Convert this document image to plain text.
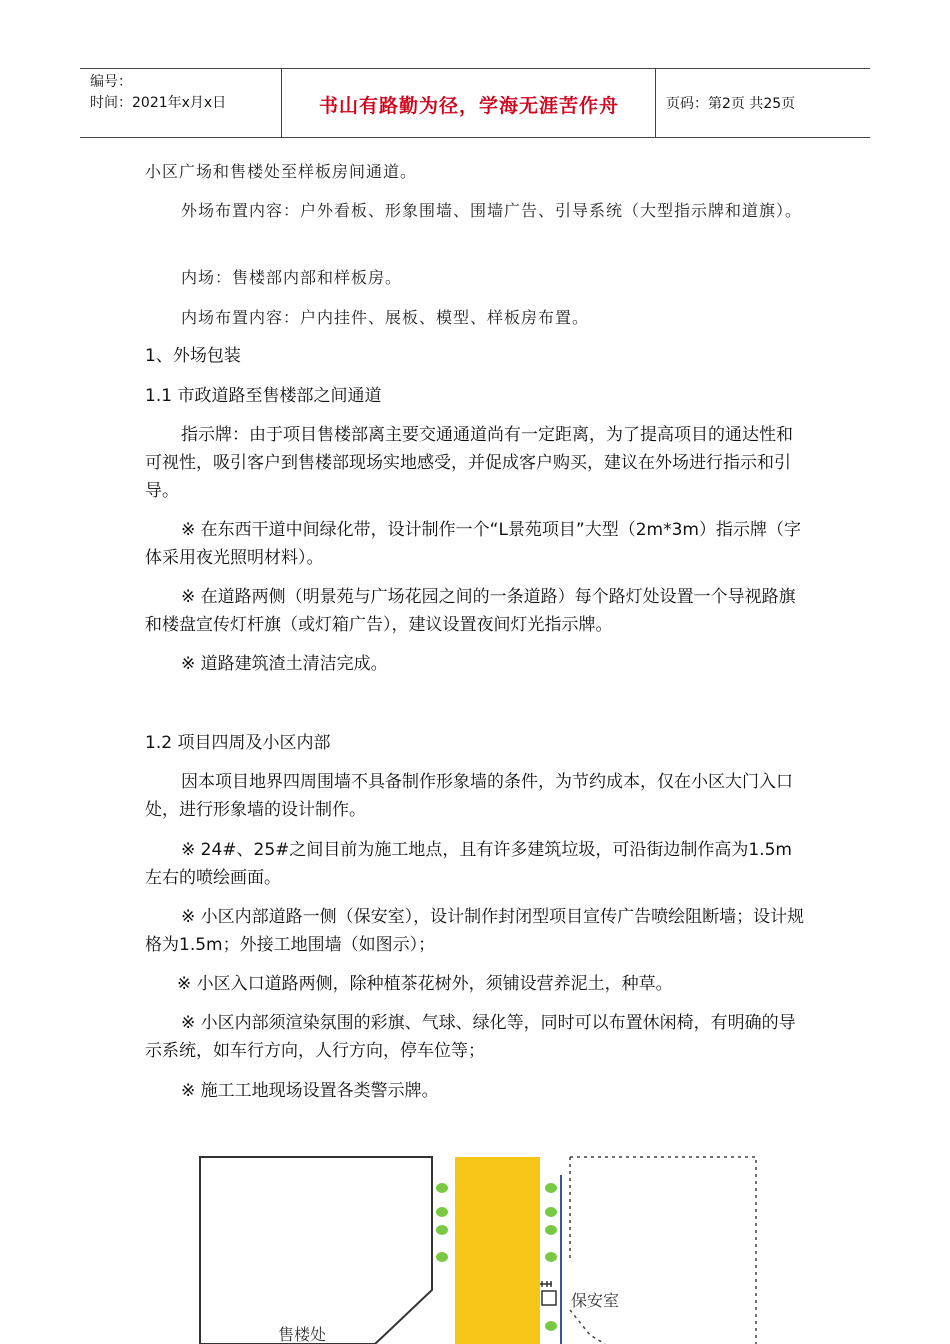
编号：
时间：2021年x月x日	书山有路勤为径，学海无涯苦作舟	页码：第2页 共25页

小区广场和售楼处至样板房间通道。

外场布置内容：户外看板、形象围墙、围墙广告、引导系统（大型指示牌和道旗）。

内场：售楼部内部和样板房。

内场布置内容：户内挂件、展板、模型、样板房布置。

1、外场包装

1.1 市政道路至售楼部之间通道

指示牌：由于项目售楼部离主要交通通道尚有一定距离，为了提高项目的通达性和可视性，吸引客户到售楼部现场实地感受，并促成客户购买，建议在外场进行指示和引导。

※ 在东西干道中间绿化带，设计制作一个“L景苑项目”大型（2m*3m）指示牌（字体采用夜光照明材料）。

※ 在道路两侧（明景苑与广场花园之间的一条道路）每个路灯处设置一个导视路旗和楼盘宣传灯杆旗（或灯箱广告），建议设置夜间灯光指示牌。

※ 道路建筑渣土清洁完成。

1.2 项目四周及小区内部

因本项目地界四周围墙不具备制作形象墙的条件，为节约成本，仅在小区大门入口处，进行形象墙的设计制作。

※ 24#、25#之间目前为施工地点，且有许多建筑垃圾，可沿街边制作高为1.5m左右的喷绘画面。

※ 小区内部道路一侧（保安室），设计制作封闭型项目宣传广告喷绘阻断墙；设计规格为1.5m；外接工地围墙（如图示）；

※ 小区入口道路两侧，除种植茶花树外，须铺设营养泥土，种草。

※ 小区内部须渲染氛围的彩旗、气球、绿化等，同时可以布置休闲椅，有明确的导示系统，如车行方向，人行方向，停车位等；

※ 施工工地现场设置各类警示牌。

保安室
售楼处
